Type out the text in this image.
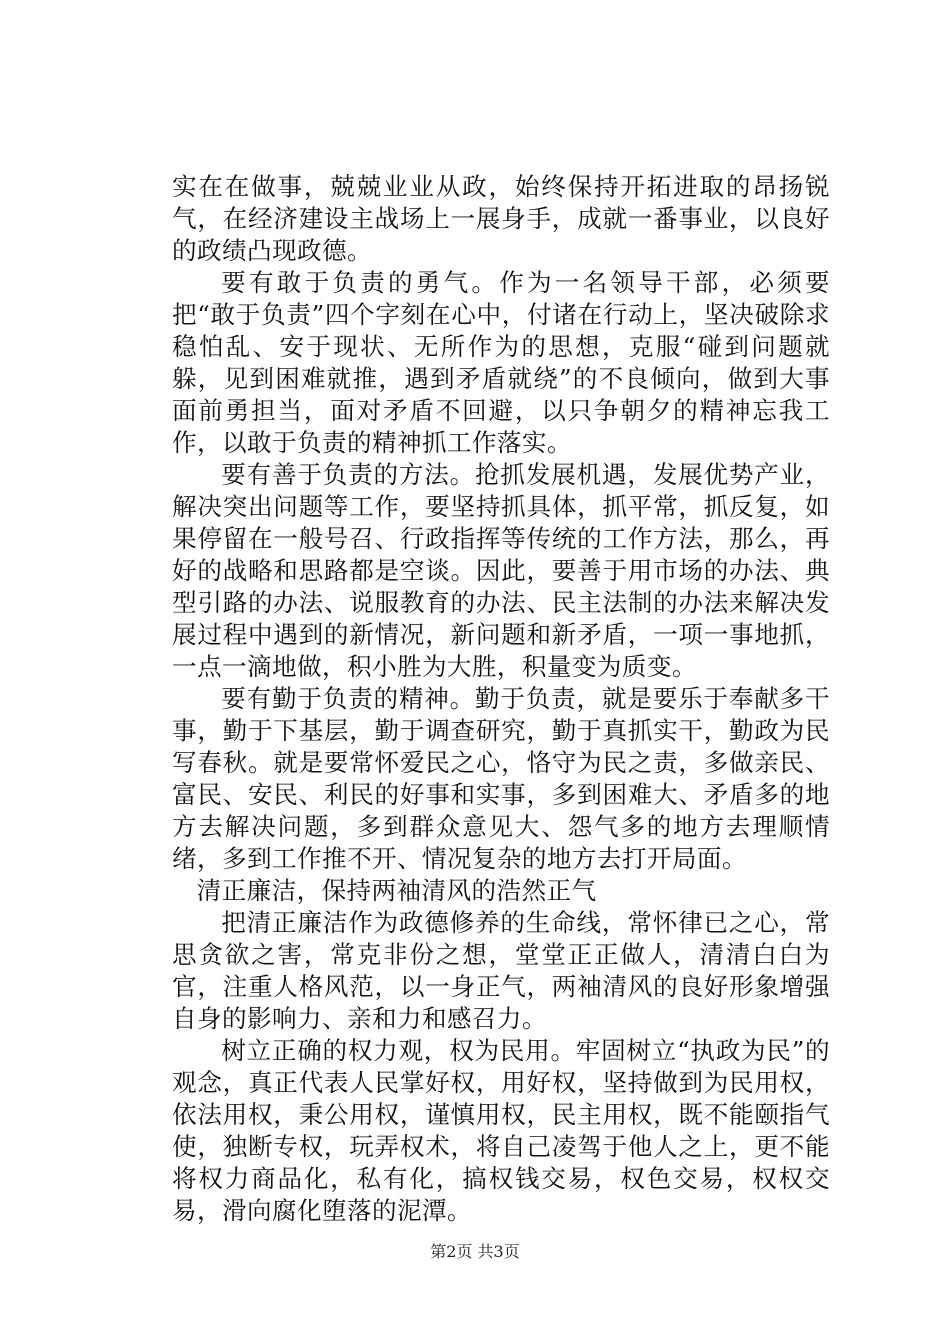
实在在做事，兢兢业业从政，始终保持开拓进取的昂扬锐气，在经济建设主战场上一展身手，成就一番事业，以良好的政绩凸现政德。

要有敢于负责的勇气。作为一名领导干部，必须要把“敢于负责”四个字刻在心中，付诸在行动上，坚决破除求稳怕乱、安于现状、无所作为的思想，克服“碰到问题就躲，见到困难就推，遇到矛盾就绕”的不良倾向，做到大事面前勇担当，面对矛盾不回避，以只争朝夕的精神忘我工作，以敢于负责的精神抓工作落实。

要有善于负责的方法。抢抓发展机遇，发展优势产业，解决突出问题等工作，要坚持抓具体，抓平常，抓反复，如果停留在一般号召、行政指挥等传统的工作方法，那么，再好的战略和思路都是空谈。因此，要善于用市场的办法、典型引路的办法、说服教育的办法、民主法制的办法来解决发展过程中遇到的新情况，新问题和新矛盾，一项一事地抓，一点一滴地做，积小胜为大胜，积量变为质变。

要有勤于负责的精神。勤于负责，就是要乐于奉献多干事，勤于下基层，勤于调查研究，勤于真抓实干，勤政为民写春秋。就是要常怀爱民之心，恪守为民之责，多做亲民、富民、安民、利民的好事和实事，多到困难大、矛盾多的地方去解决问题，多到群众意见大、怨气多的地方去理顺情绪，多到工作推不开、情况复杂的地方去打开局面。

清正廉洁，保持两袖清风的浩然正气

把清正廉洁作为政德修养的生命线，常怀律已之心，常思贪欲之害，常克非份之想，堂堂正正做人，清清白白为官，注重人格风范，以一身正气，两袖清风的良好形象增强自身的影响力、亲和力和感召力。

树立正确的权力观，权为民用。牢固树立“执政为民”的观念，真正代表人民掌好权，用好权，坚持做到为民用权，依法用权，秉公用权，谨慎用权，民主用权，既不能颐指气使，独断专权，玩弄权术，将自己凌驾于他人之上，更不能将权力商品化，私有化，搞权钱交易，权色交易，权权交易，滑向腐化堕落的泥潭。

第2页 共3页
